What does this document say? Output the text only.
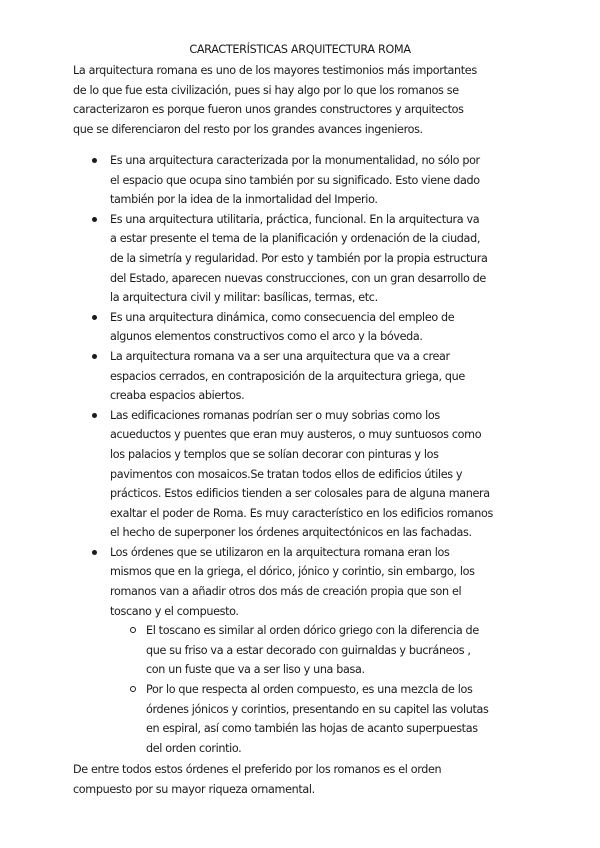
CARACTERÍSTICAS ARQUITECTURA ROMA
La arquitectura romana es uno de los mayores testimonios más importantes
de lo que fue esta civilización, pues si hay algo por lo que los romanos se
caracterizaron es porque fueron unos grandes constructores y arquitectos
que se diferenciaron del resto por los grandes avances ingenieros.
Es una arquitectura caracterizada por la monumentalidad, no sólo por
el espacio que ocupa sino también por su significado. Esto viene dado
también por la idea de la inmortalidad del Imperio.
Es una arquitectura utilitaria, práctica, funcional. En la arquitectura va
a estar presente el tema de la planificación y ordenación de la ciudad,
de la simetría y regularidad. Por esto y también por la propia estructura
del Estado, aparecen nuevas construcciones, con un gran desarrollo de
la arquitectura civil y militar: basílicas, termas, etc.
Es una arquitectura dinámica, como consecuencia del empleo de
algunos elementos constructivos como el arco y la bóveda.
La arquitectura romana va a ser una arquitectura que va a crear
espacios cerrados, en contraposición de la arquitectura griega, que
creaba espacios abiertos.
Las edificaciones romanas podrían ser o muy sobrias como los
acueductos y puentes que eran muy austeros, o muy suntuosos como
los palacios y templos que se solían decorar con pinturas y los
pavimentos con mosaicos.Se tratan todos ellos de edificios útiles y
prácticos. Estos edificios tienden a ser colosales para de alguna manera
exaltar el poder de Roma. Es muy característico en los edificios romanos
el hecho de superponer los órdenes arquitectónicos en las fachadas.
Los órdenes que se utilizaron en la arquitectura romana eran los
mismos que en la griega, el dórico, jónico y corintio, sin embargo, los
romanos van a añadir otros dos más de creación propia que son el
toscano y el compuesto.
El toscano es similar al orden dórico griego con la diferencia de
que su friso va a estar decorado con guirnaldas y bucráneos ,
con un fuste que va a ser liso y una basa.
Por lo que respecta al orden compuesto, es una mezcla de los
órdenes jónicos y corintios, presentando en su capitel las volutas
en espiral, así como también las hojas de acanto superpuestas
del orden corintio.
De entre todos estos órdenes el preferido por los romanos es el orden
compuesto por su mayor riqueza ornamental.
